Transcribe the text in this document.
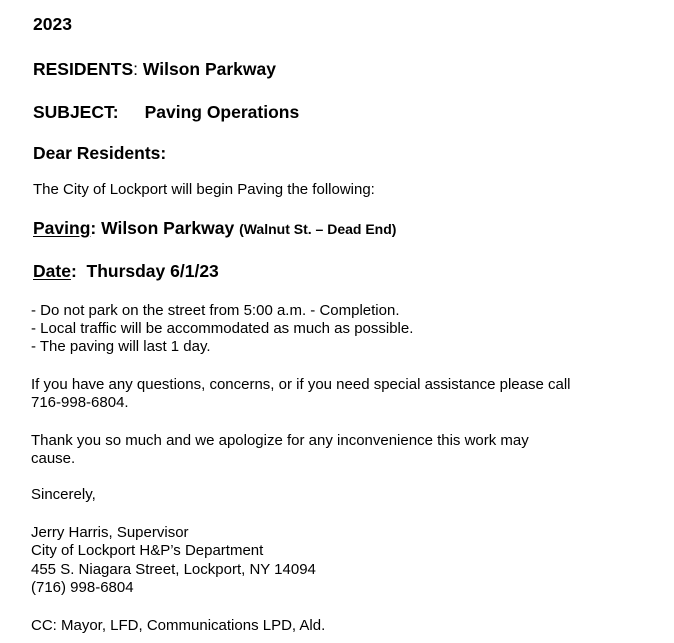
2023

RESIDENTS: Wilson Parkway

SUBJECT: Paving Operations

Dear Residents:

The City of Lockport will begin Paving the following:

Paving: Wilson Parkway (Walnut St. – Dead End)

Date: Thursday 6/1/23

- Do not park on the street from 5:00 a.m. - Completion.

- Local traffic will be accommodated as much as possible.

- The paving will last 1 day.

If you have any questions, concerns, or if you need special assistance please call

716-998-6804.

Thank you so much and we apologize for any inconvenience this work may

cause.

Sincerely,

Jerry Harris, Supervisor

City of Lockport H&P’s Department

455 S. Niagara Street, Lockport, NY 14094

(716) 998-6804

CC: Mayor, LFD, Communications LPD, Ald.
